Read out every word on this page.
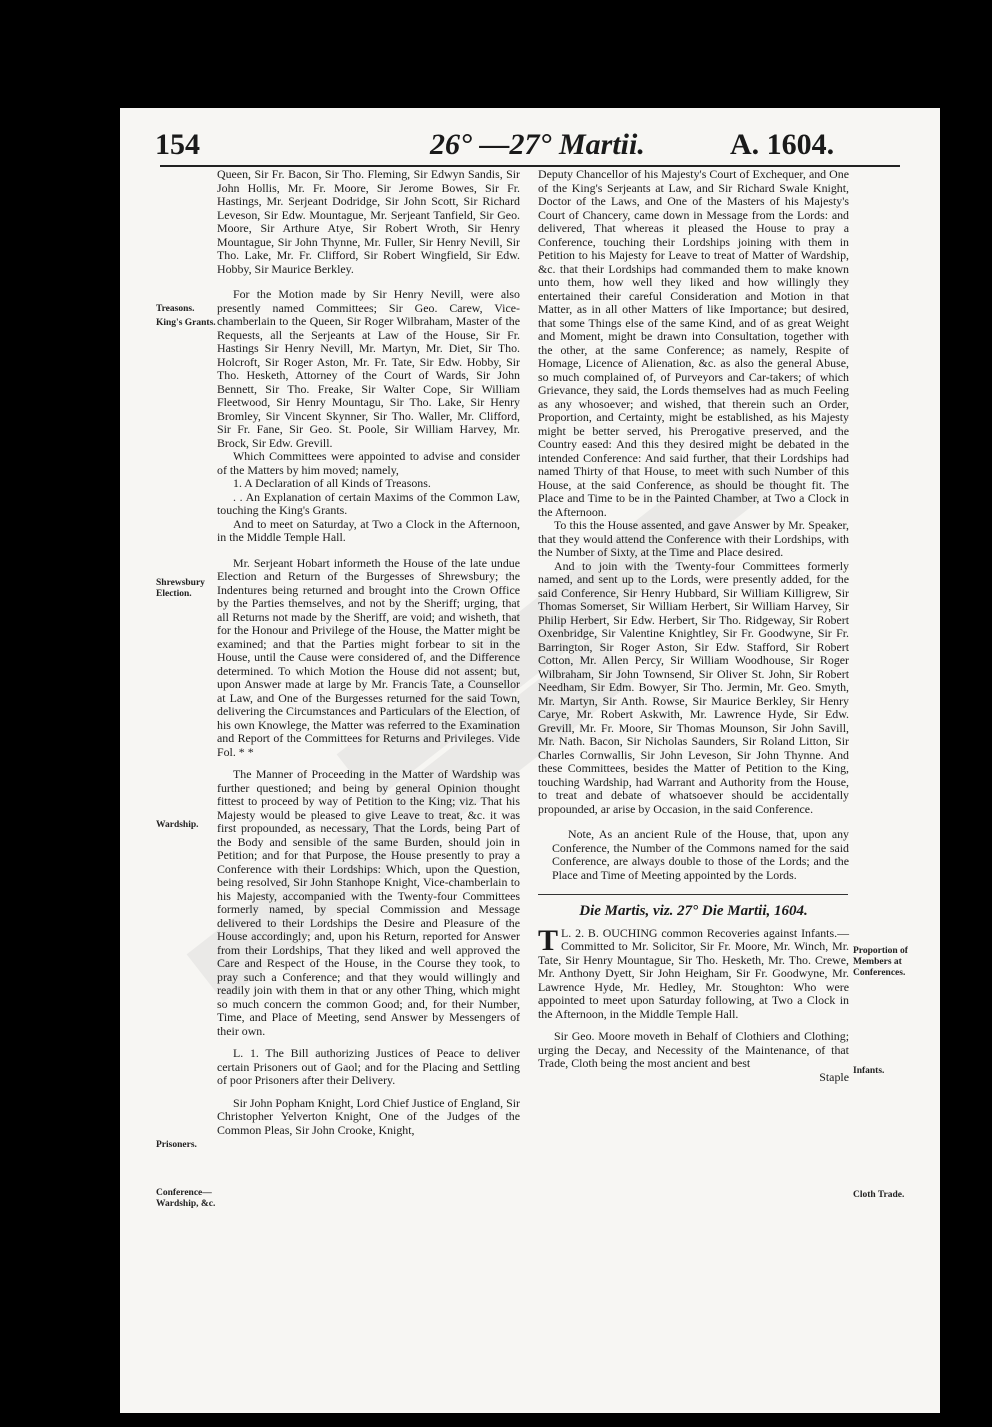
154	26° —27° Martii.	A. 1604.
Treasons.
King's Grants.
Shrewsbury Election.
Wardship.
Prisoners.
Conference—Wardship, &c.
Proportion of Members at Conferences.
Infants.
Cloth Trade.

Queen, Sir Fr. Bacon, Sir Tho. Fleming, Sir Edwyn Sandis, Sir John Hollis, Mr. Fr. Moore, Sir Jerome Bowes, Sir Fr. Hastings, Mr. Serjeant Dodridge, Sir John Scott, Sir Richard Leveson, Sir Edw. Mountague, Mr. Serjeant Tanfield, Sir Geo. Moore, Sir Arthure Atye, Sir Robert Wroth, Sir Henry Mountague, Sir John Thynne, Mr. Fuller, Sir Henry Nevill, Sir Tho. Lake, Mr. Fr. Clifford, Sir Robert Wingfield, Sir Edw. Hobby, Sir Maurice Berkley.

For the Motion made by Sir Henry Nevill, were also presently named Committees; Sir Geo. Carew, Vice-chamberlain to the Queen, Sir Roger Wilbraham, Master of the Requests, all the Serjeants at Law of the House, Sir Fr. Hastings Sir Henry Nevill, Mr. Martyn, Mr. Diet, Sir Tho. Holcroft, Sir Roger Aston, Mr. Fr. Tate, Sir Edw. Hobby, Sir Tho. Hesketh, Attorney of the Court of Wards, Sir John Bennett, Sir Tho. Freake, Sir Walter Cope, Sir William Fleetwood, Sir Henry Mountagu, Sir Tho. Lake, Sir Henry Bromley, Sir Vincent Skynner, Sir Tho. Waller, Mr. Clifford, Sir Fr. Fane, Sir Geo. St. Poole, Sir William Harvey, Mr. Brock, Sir Edw. Grevill.

Which Committees were appointed to advise and consider of the Matters by him moved; namely,

1. A Declaration of all Kinds of Treasons.

. . An Explanation of certain Maxims of the Common Law, touching the King's Grants.

And to meet on Saturday, at Two a Clock in the Afternoon, in the Middle Temple Hall.

Mr. Serjeant Hobart informeth the House of the late undue Election and Return of the Burgesses of Shrewsbury; the Indentures being returned and brought into the Crown Office by the Parties themselves, and not by the Sheriff; urging, that all Returns not made by the Sheriff, are void; and wisheth, that for the Honour and Privilege of the House, the Matter might be examined; and that the Parties might forbear to sit in the House, until the Cause were considered of, and the Difference determined. To which Motion the House did not assent; but, upon Answer made at large by Mr. Francis Tate, a Counsellor at Law, and One of the Burgesses returned for the said Town, delivering the Circumstances and Particulars of the Election, of his own Knowlege, the Matter was referred to the Examination and Report of the Committees for Returns and Privileges. Vide Fol. * *

The Manner of Proceeding in the Matter of Wardship was further questioned; and being by general Opinion thought fittest to proceed by way of Petition to the King; viz. That his Majesty would be pleased to give Leave to treat, &c. it was first propounded, as necessary, That the Lords, being Part of the Body and sensible of the same Burden, should join in Petition; and for that Purpose, the House presently to pray a Conference with their Lordships: Which, upon the Question, being resolved, Sir John Stanhope Knight, Vice-chamberlain to his Majesty, accompanied with the Twenty-four Committees formerly named, by special Commission and Message delivered to their Lordships the Desire and Pleasure of the House accordingly; and, upon his Return, reported for Answer from their Lordships, That they liked and well approved the Care and Respect of the House, in the Course they took, to pray such a Conference; and that they would willingly and readily join with them in that or any other Thing, which might so much concern the common Good; and, for their Number, Time, and Place of Meeting, send Answer by Messengers of their own.

L. 1. The Bill authorizing Justices of Peace to deliver certain Prisoners out of Gaol; and for the Placing and Settling of poor Prisoners after their Delivery.

Sir John Popham Knight, Lord Chief Justice of England, Sir Christopher Yelverton Knight, One of the Judges of the Common Pleas, Sir John Crooke, Knight,

Deputy Chancellor of his Majesty's Court of Exchequer, and One of the King's Serjeants at Law, and Sir Richard Swale Knight, Doctor of the Laws, and One of the Masters of his Majesty's Court of Chancery, came down in Message from the Lords: and delivered, That whereas it pleased the House to pray a Conference, touching their Lordships joining with them in Petition to his Majesty for Leave to treat of Matter of Wardship, &c. that their Lordships had commanded them to make known unto them, how well they liked and how willingly they entertained their careful Consideration and Motion in that Matter, as in all other Matters of like Importance; but desired, that some Things else of the same Kind, and of as great Weight and Moment, might be drawn into Consultation, together with the other, at the same Conference; as namely, Respite of Homage, Licence of Alienation, &c. as also the general Abuse, so much complained of, of Purveyors and Car-takers; of which Grievance, they said, the Lords themselves had as much Feeling as any whosoever; and wished, that therein such an Order, Proportion, and Certainty, might be established, as his Majesty might be better served, his Prerogative preserved, and the Country eased: And this they desired might be debated in the intended Conference: And said further, that their Lordships had named Thirty of that House, to meet with such Number of this House, at the said Conference, as should be thought fit. The Place and Time to be in the Painted Chamber, at Two a Clock in the Afternoon.

To this the House assented, and gave Answer by Mr. Speaker, that they would attend the Conference with their Lordships, with the Number of Sixty, at the Time and Place desired.

And to join with the Twenty-four Committees formerly named, and sent up to the Lords, were presently added, for the said Conference, Sir Henry Hubbard, Sir William Killigrew, Sir Thomas Somerset, Sir William Herbert, Sir William Harvey, Sir Philip Herbert, Sir Edw. Herbert, Sir Tho. Ridgeway, Sir Robert Oxenbridge, Sir Valentine Knightley, Sir Fr. Goodwyne, Sir Fr. Barrington, Sir Roger Aston, Sir Edw. Stafford, Sir Robert Cotton, Mr. Allen Percy, Sir William Woodhouse, Sir Roger Wilbraham, Sir John Townsend, Sir Oliver St. John, Sir Robert Needham, Sir Edm. Bowyer, Sir Tho. Jermin, Mr. Geo. Smyth, Mr. Martyn, Sir Anth. Rowse, Sir Maurice Berkley, Sir Henry Carye, Mr. Robert Askwith, Mr. Lawrence Hyde, Sir Edw. Grevill, Mr. Fr. Moore, Sir Thomas Mounson, Sir John Savill, Mr. Nath. Bacon, Sir Nicholas Saunders, Sir Roland Litton, Sir Charles Cornwallis, Sir John Leveson, Sir John Thynne. And these Committees, besides the Matter of Petition to the King, touching Wardship, had Warrant and Authority from the House, to treat and debate of whatsoever should be accidentally propounded, ar arise by Occasion, in the said Conference.

Note, As an ancient Rule of the House, that, upon any Conference, the Number of the Commons named for the said Conference, are always double to those of the Lords; and the Place and Time of Meeting appointed by the Lords.

Die Martis, viz. 27° Die Martii, 1604.

L. 2. B.
T	OUCHING common Recoveries against Infants.—Committed to Mr. Solicitor, Sir Fr. Moore, Mr. Winch, Mr. Tate, Sir Henry Mountague, Sir Tho. Hesketh, Mr. Tho. Crewe, Mr. Anthony Dyett, Sir John Heigham, Sir Fr. Goodwyne, Mr. Lawrence Hyde, Mr. Hedley, Mr. Stoughton: Who were appointed to meet upon Saturday following, at Two a Clock in the Afternoon, in the Middle Temple Hall.

Sir Geo. Moore moveth in Behalf of Clothiers and Clothing; urging the Decay, and Necessity of the Maintenance, of that Trade, Cloth being the most ancient and best

Staple
